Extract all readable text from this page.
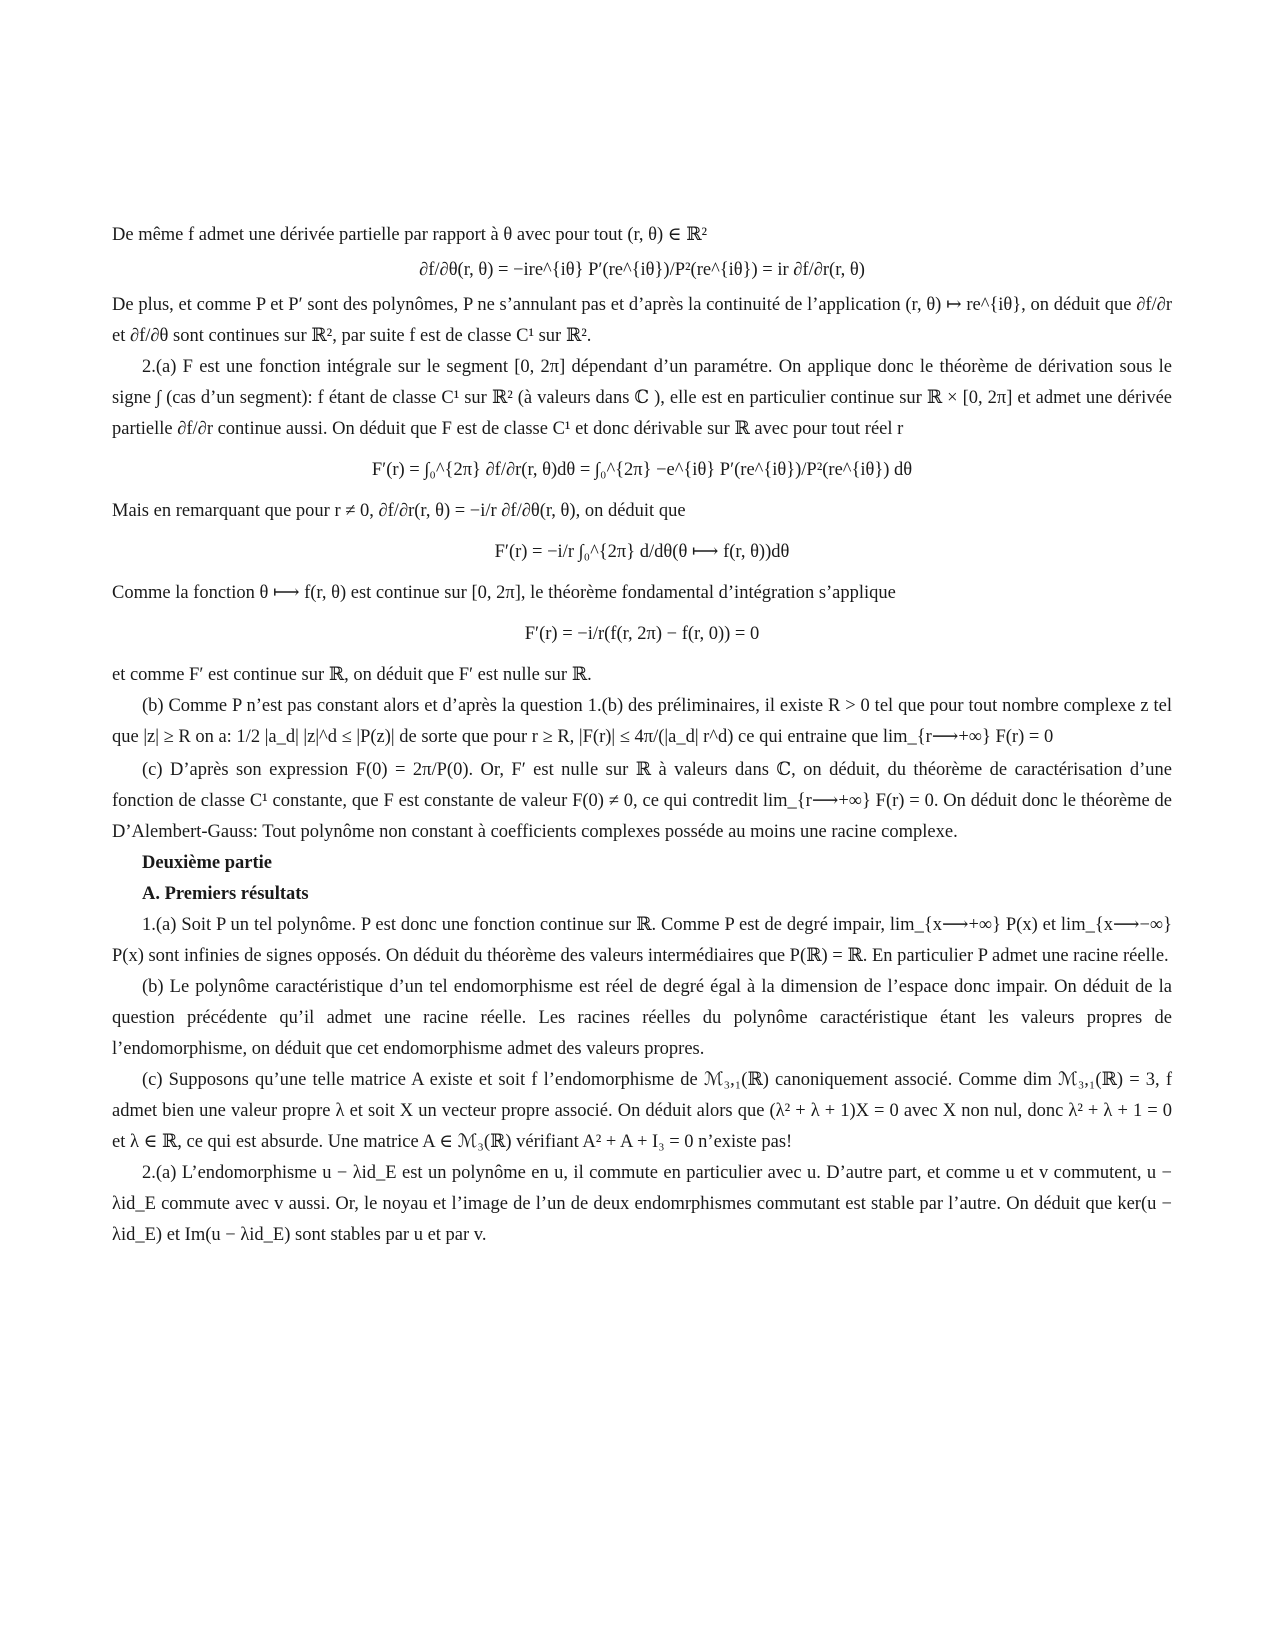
De même f admet une dérivée partielle par rapport à θ avec pour tout (r, θ) ∈ ℝ²

∂f/∂θ(r, θ) = −ire^{iθ} P′(re^{iθ})/P²(re^{iθ}) = ir ∂f/∂r(r, θ)

De plus, et comme P et P′ sont des polynômes, P ne s’annulant pas et d’après la continuité de l’application (r, θ) ↦ re^{iθ}, on déduit que ∂f/∂r et ∂f/∂θ sont continues sur ℝ², par suite f est de classe C¹ sur ℝ².

2.(a) F est une fonction intégrale sur le segment [0, 2π] dépendant d’un paramétre. On applique donc le théorème de dérivation sous le signe ∫ (cas d’un segment): f étant de classe C¹ sur ℝ² (à valeurs dans ℂ ), elle est en particulier continue sur ℝ × [0, 2π] et admet une dérivée partielle ∂f/∂r continue aussi. On déduit que F est de classe C¹ et donc dérivable sur ℝ avec pour tout réel r

F′(r) = ∫₀^{2π} ∂f/∂r(r, θ)dθ = ∫₀^{2π} −e^{iθ} P′(re^{iθ})/P²(re^{iθ}) dθ

Mais en remarquant que pour r ≠ 0, ∂f/∂r(r, θ) = −i/r ∂f/∂θ(r, θ), on déduit que

F′(r) = −i/r ∫₀^{2π} d/dθ(θ ⟼ f(r, θ))dθ

Comme la fonction θ ⟼ f(r, θ) est continue sur [0, 2π], le théorème fondamental d’intégration s’applique

F′(r) = −i/r(f(r, 2π) − f(r, 0)) = 0

et comme F′ est continue sur ℝ, on déduit que F′ est nulle sur ℝ.

(b) Comme P n’est pas constant alors et d’après la question 1.(b) des préliminaires, il existe R > 0 tel que pour tout nombre complexe z tel que |z| ≥ R on a: 1/2 |a_d| |z|^d ≤ |P(z)| de sorte que pour r ≥ R, |F(r)| ≤ 4π/(|a_d| r^d) ce qui entraine que lim_{r⟶+∞} F(r) = 0

(c) D’après son expression F(0) = 2π/P(0). Or, F′ est nulle sur ℝ à valeurs dans ℂ, on déduit, du théorème de caractérisation d’une fonction de classe C¹ constante, que F est constante de valeur F(0) ≠ 0, ce qui contredit lim_{r⟶+∞} F(r) = 0. On déduit donc le théorème de D’Alembert-Gauss: Tout polynôme non constant à coefficients complexes posséde au moins une racine complexe.

Deuxième partie

A. Premiers résultats

1.(a) Soit P un tel polynôme. P est donc une fonction continue sur ℝ. Comme P est de degré impair, lim_{x⟶+∞} P(x) et lim_{x⟶−∞} P(x) sont infinies de signes opposés. On déduit du théorème des valeurs intermédiaires que P(ℝ) = ℝ. En particulier P admet une racine réelle.

(b) Le polynôme caractéristique d’un tel endomorphisme est réel de degré égal à la dimension de l’espace donc impair. On déduit de la question précédente qu’il admet une racine réelle. Les racines réelles du polynôme caractéristique étant les valeurs propres de l’endomorphisme, on déduit que cet endomorphisme admet des valeurs propres.

(c) Supposons qu’une telle matrice A existe et soit f l’endomorphisme de ℳ₃,₁(ℝ) canoniquement associé. Comme dim ℳ₃,₁(ℝ) = 3, f admet bien une valeur propre λ et soit X un vecteur propre associé. On déduit alors que (λ² + λ + 1)X = 0 avec X non nul, donc λ² + λ + 1 = 0 et λ ∈ ℝ, ce qui est absurde. Une matrice A ∈ ℳ₃(ℝ) vérifiant A² + A + I₃ = 0 n’existe pas!

2.(a) L’endomorphisme u − λid_E est un polynôme en u, il commute en particulier avec u. D’autre part, et comme u et v commutent, u − λid_E commute avec v aussi. Or, le noyau et l’image de l’un de deux endomrphismes commutant est stable par l’autre. On déduit que ker(u − λid_E) et Im(u − λid_E) sont stables par u et par v.
